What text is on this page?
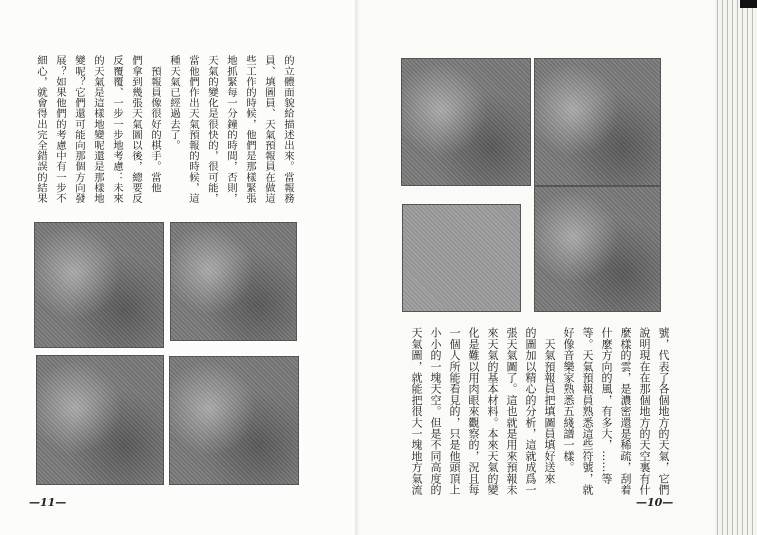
的立體面貌給描述出來。當報務
員、填圖員、天氣預報員在做這
些工作的時候，他們是那樣緊張
地抓緊每一分鐘的時間，否則，
天氣的變化是很快的，很可能，
當他們作出天氣預報的時候，這
種天氣已經過去了。
　預報員像很好的棋手。當他
們拿到幾張天氣圖以後，總要反
反覆覆、一步一步地考慮：未來
的天氣是這樣地變呢還是那樣地
變呢？它們還可能向那個方向發
展？如果他們的考慮中有一步不
細心，就會得出完全錯誤的結果
—11—
號，代表了各個地方的天氣，它們
說明現在在那個地方的天空裏有什
麼樣的雲，是濃密還是稀疏，刮着
什麼方向的風，有多大，……等
等。天氣預報員熟悉這些符號，就
好像音樂家熟悉五綫譜一樣。
　天氣預報員把填圖員填好送來
的圖加以精心的分析，這就成爲一
張天氣圖了。這也就是用來預報未
來天氣的基本材料。本來天氣的變
化是難以用肉眼來觀察的，況且每
一個人所能看見的，只是他頭頂上
小小的一塊天空。但是不同高度的
天氣圖，就能把很大一塊地方氣流
—10—
